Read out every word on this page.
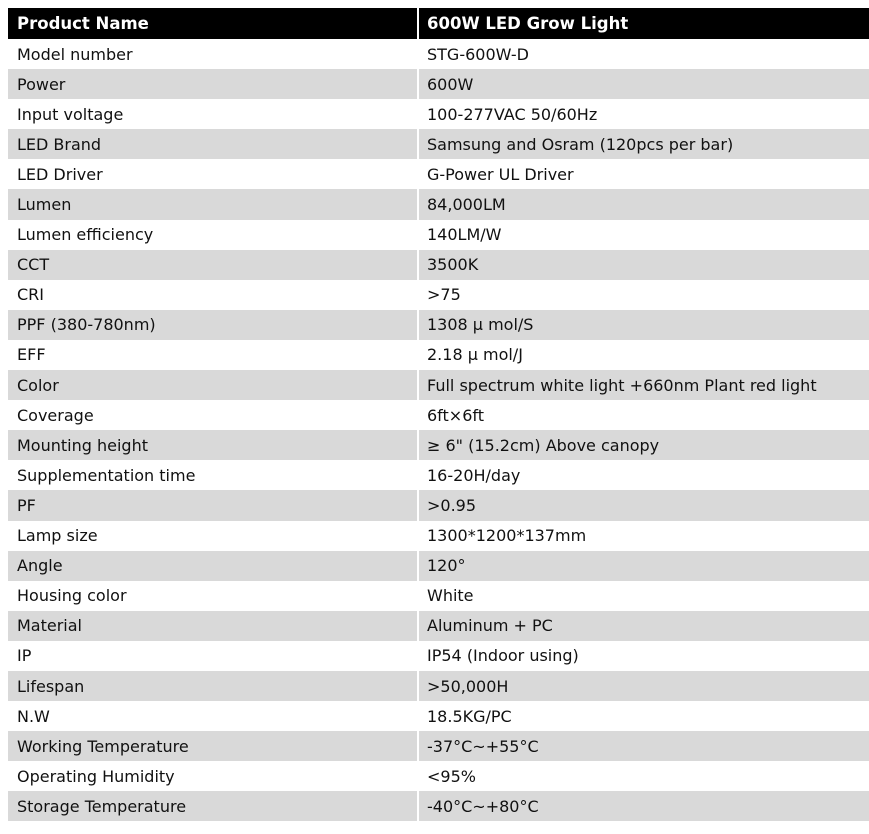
Product Name	600W LED Grow Light
Model number	STG-600W-D
Power	600W
Input voltage	100-277VAC 50/60Hz
LED Brand	Samsung and Osram (120pcs per bar)
LED Driver	G-Power UL Driver
Lumen	84,000LM
Lumen efficiency	140LM/W
CCT	3500K
CRI	>75
PPF (380-780nm)	1308 μ mol/S
EFF	2.18 μ mol/J
Color	Full spectrum white light +660nm Plant red light
Coverage	6ft×6ft
Mounting height	≥ 6" (15.2cm) Above canopy
Supplementation time	16-20H/day
PF	>0.95
Lamp size	1300*1200*137mm
Angle	120°
Housing color	White
Material	Aluminum + PC
IP	IP54 (Indoor using)
Lifespan	>50,000H
N.W	18.5KG/PC
Working Temperature	-37°C~+55°C
Operating Humidity	<95%
Storage Temperature	-40°C~+80°C
